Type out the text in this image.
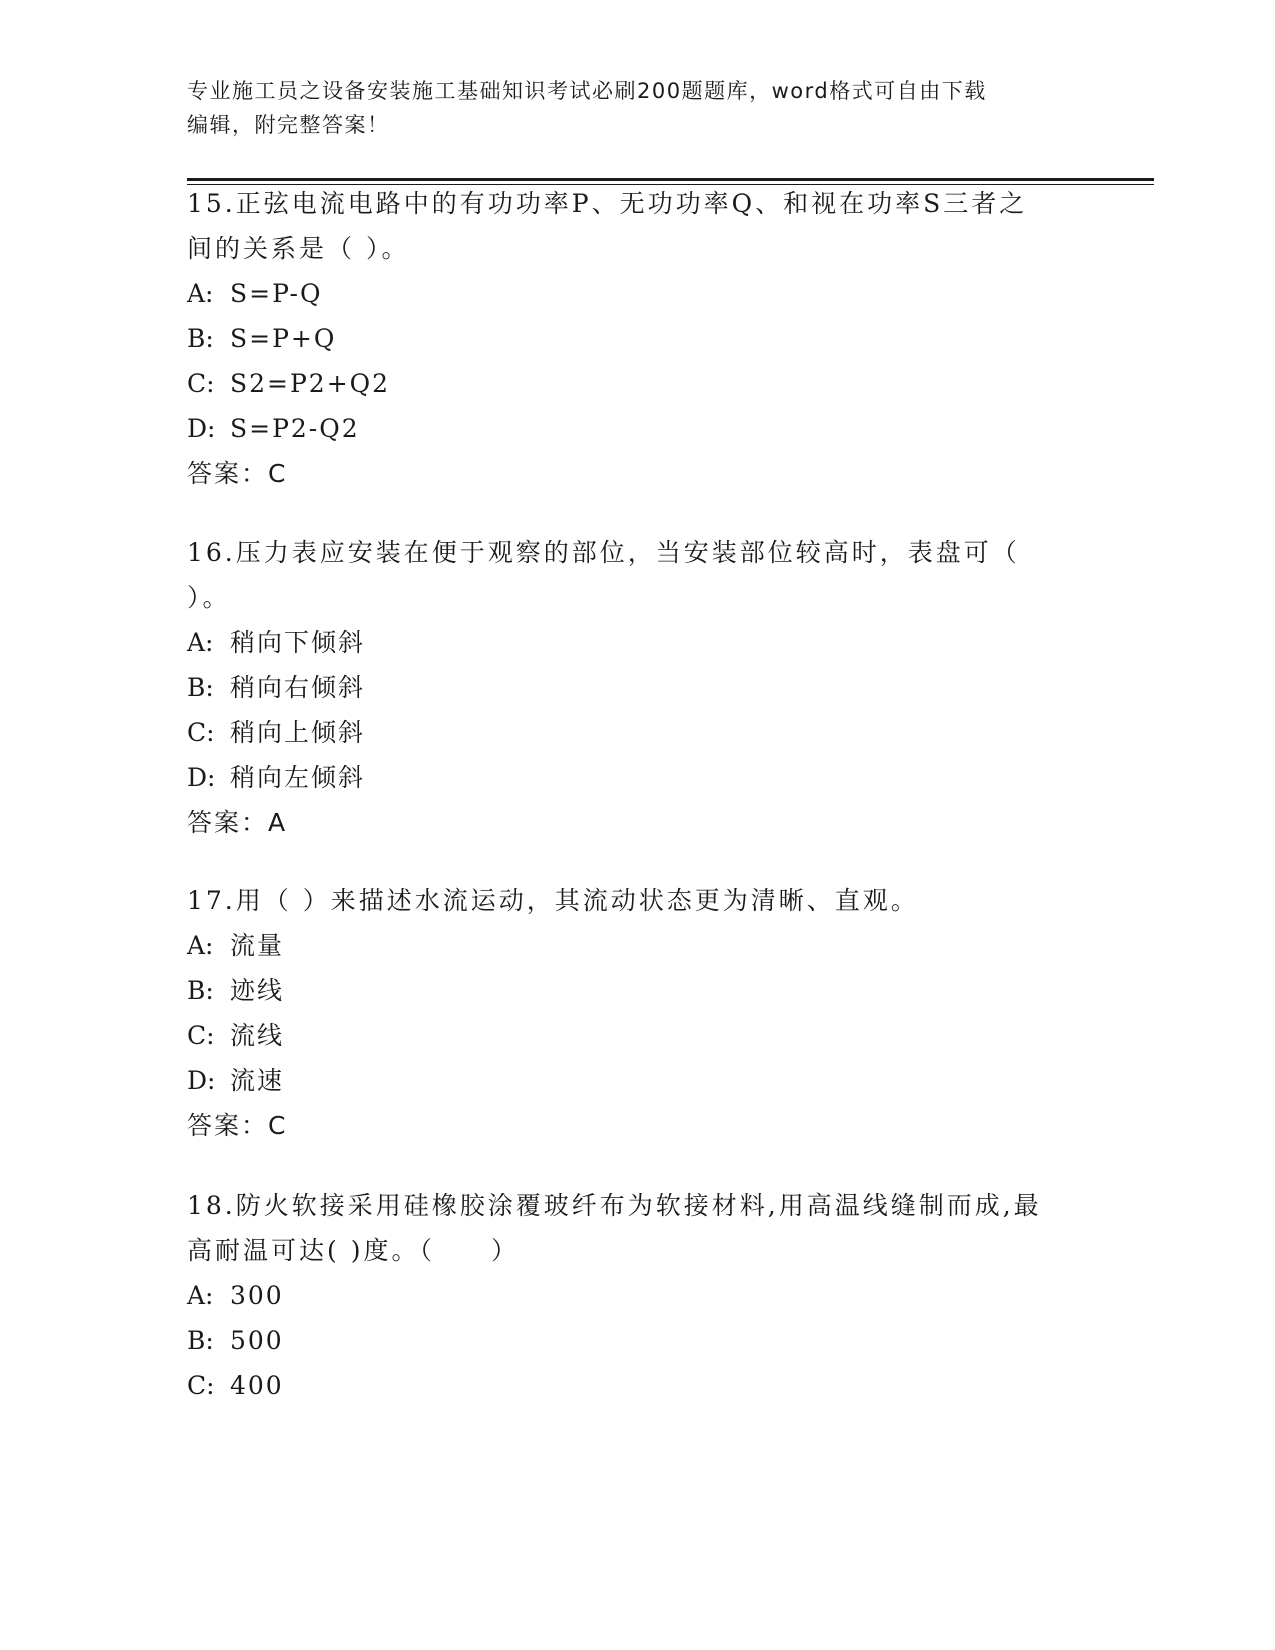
专业施工员之设备安装施工基础知识考试必刷200题题库，word格式可自由下载
编辑，附完整答案！
15.正弦电流电路中的有功功率P、无功功率Q、和视在功率S三者之
间的关系是（ ）。
A: S=P-Q
B: S=P+Q
C: S2=P2+Q2
D: S=P2-Q2
答案：C
16.压力表应安装在便于观察的部位，当安装部位较高时，表盘可（
）。
A: 稍向下倾斜
B: 稍向右倾斜
C: 稍向上倾斜
D: 稍向左倾斜
答案：A
17.用（ ）来描述水流运动，其流动状态更为清晰、直观。
A: 流量
B: 迹线
C: 流线
D: 流速
答案：C
18.防火软接采用硅橡胶涂覆玻纤布为软接材料,用高温线缝制而成,最
高耐温可达( )度。（　　）
A: 300
B: 500
C: 400
